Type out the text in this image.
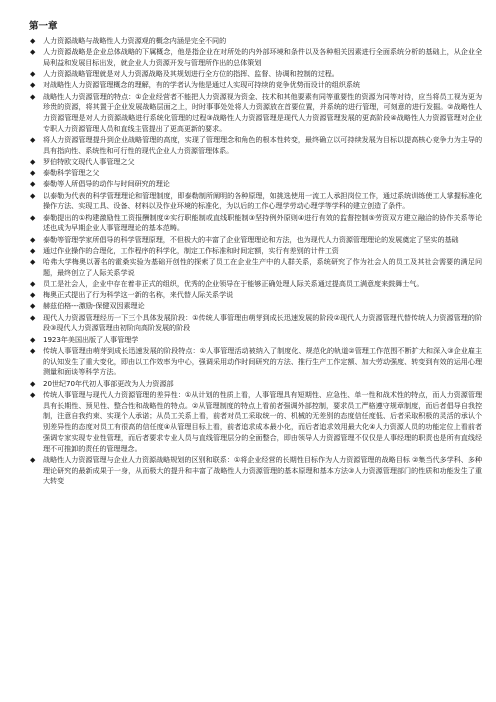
第一章
◆ 人力资源战略与战略性人力资源观的概念内涵是完全不同的
◆ 人力资源战略是企业总体战略的下属概念，他是指企业在对所处的内外部环境和条件以及各种相关因素进行全面系统分析的基础上，从企业全局利益和发展目标出发，就企业人力资源开发与管理所作出的总体策划
◆ 人力资源战略管理就是对人力资源战略及其规划进行全方位的指挥、监督、协调和控制的过程。
◆ 对战略性人力资源管理概念的理解，有的学者认为他是通过人实现可持续的竞争优势而设计的组织系统
◆ 战略性人力资源管理的特点：①企业经营者不能把人力资源视为资金、技术和其他要素有同等重要性的资源为同等对待，应当将员工视为更为珍贵的资源，将其置于企业发展战略层面之上，时时事事处处将人力资源放在首要位置，并系统的进行管理，可刻意的进行发掘。②战略性人力资源管理是对人力资源战略进行系统化管理的过程③战略性人力资源管理是现代人力资源管理发展的更高阶段④战略性人力资源管理对企业专职人力资源管理人员和直线主管提出了更高更新的要求。
◆ 将人力资源管理提升到企业战略管理的高度，实现了管理理念和角色的根本性转变，最终确立以可持续发展为目标以提高核心竞争力为主导的具有指向性、系统性和可行性的现代企业人力资源管理体系。
◆ 罗伯特欧文现代人事管理之父
◆ 泰勒科学管理之父
◆ 泰勒等人所倡导的动作与时间研究的理论
◆ 以泰勒为代表的科学管理理论和管理制度，即泰勒制所阐明的各种原理，如挑选使用一流工人承担岗位工作，通过系统训练使工人掌握标准化操作方法、实现工具、设备、材料以及作业环境的标准化，为以后的工作心理学劳动心理学等学科的建立创造了条件。
◆ 泰勒提出的①构建激励性工资报酬制度②实行职能制或直线职能制③坚持例外原则④进行有效的监督控制⑤劳资双方建立融洽的协作关系等论述也成为早期企业人事管理理论的基本范畴。
◆ 泰勒等管理学家所倡导的科学管理原理，不但极大的丰富了企业管理理论和方法，也为现代人力资源管理理论的发展奠定了坚实的基础
◆ 通过作业操作的合理化，工作程序的科学化，制定工作标准和时间定额，实行有差别的计件工资
◆ 哈弗大学梅奥以著名的霍桑实验为基础开创性的探索了员工在企业生产中的人群关系，系统研究了作为社会人的员工及其社会需要的满足问题，最终创立了人际关系学说
◆ 员工是社会人，企业中存在着非正式的组织，优秀的企业领导在于能够正确处理人际关系通过提高员工满意度来鼓舞士气。
◆ 梅奥正式提出了行为科学这一新的名称，来代替人际关系学说
◆ 赫兹伯格---激励-保健双因素理论
◆ 现代人力资源管理经历一下三个具体发展阶段：①传统人事管理由萌芽到成长迅速发展的阶段②现代人力资源管理代替传统人力资源管理的阶段③现代人力资源管理由初阶向高阶发展的阶段
◆ 1923年美国出版了人事管理学
◆ 传统人事管理由萌芽到成长迅速发展的阶段特点：①人事管理活动被纳入了制度化、规范化的轨道②管理工作范围不断扩大和深入③企业雇主的认知发生了重大变化，即由以工作效率为中心，强调采用动作时间研究的方法、推行生产工作定额、加大劳动强度、转变到有效的运用心理测量和面谈等科学方法。
◆ 20世纪70年代初人事部更改为人力资源部
◆ 传统人事管理与现代人力资源管理的差异性：①从计划的性质上看，人事管理具有短期性、应急性、单一性和战术性的特点，而人力资源管理具有长期性、预见性、整合性和战略性的特点。②从管理制度的特点上看前者强调外部控制，要求员工严格遵守规章制度，而后者倡导自我控制，注意自我约束、实现个人承诺；从员工关系上看，前者对员工采取统一的、机械的无差别的态度信任度低、后者采取积极的灵活的承认个别差异性的态度对员工有很高的信任度④从管理目标上看，前者追求成本最小化，而后者追求效用最大化④人力资源人员的功能定位上看前者强调专家实现专业性管理，而后者要求专业人员与直线管理层分的全面整合，即由领导人力资源管理不仅仅是人事经理的职责也是所有直线经理不可推卸的责任的管理理念。
◆ 战略性人力资源管理与企业人力资源战略规划的区别和联系：①将企业经营的长期性目标作为人力资源管理的战略目标 ②集当代多学科、多种理论研究的最新成果于一身，从而极大的提升和丰富了战略性人力资源管理的基本原理和基本方法③人力资源管理部门的性质和功能发生了重大转变
